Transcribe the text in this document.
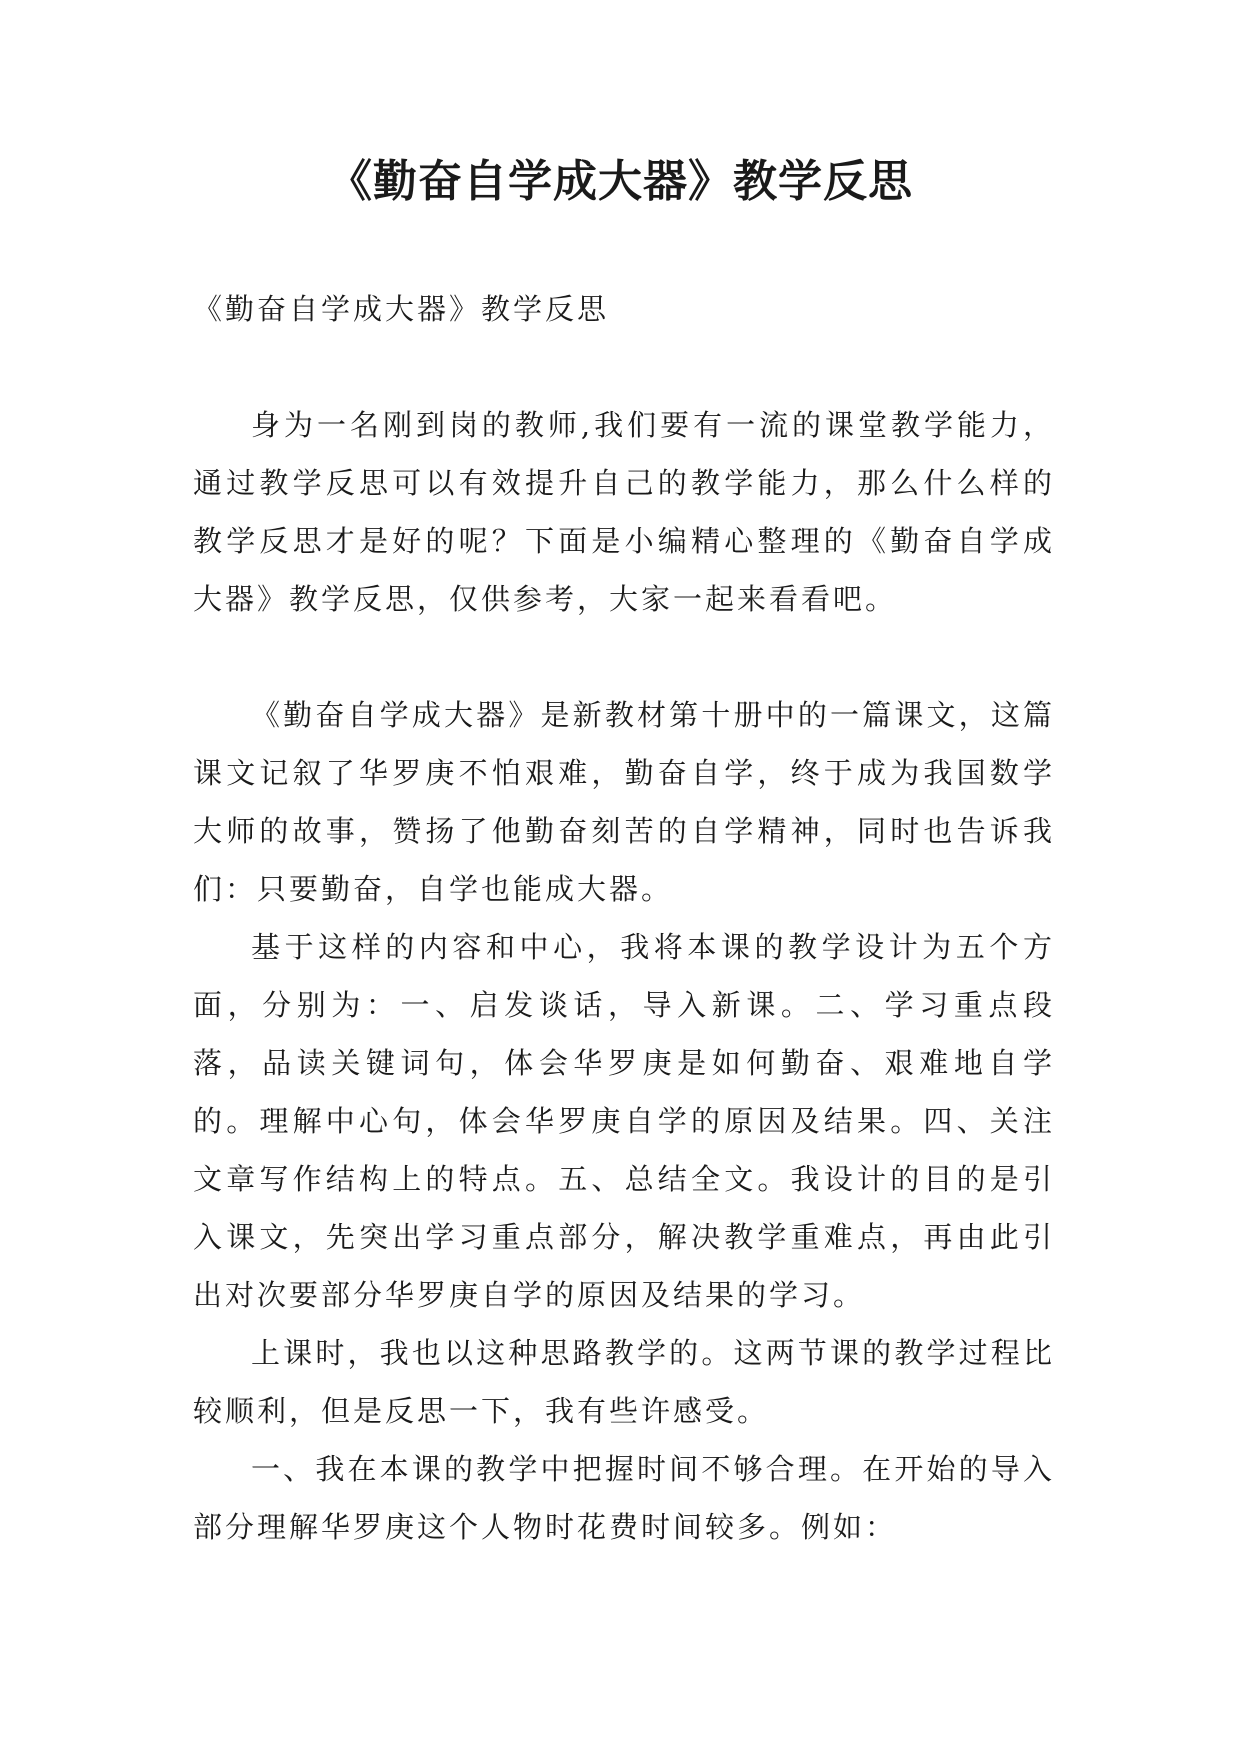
《勤奋自学成大器》教学反思

《勤奋自学成大器》教学反思

身为一名刚到岗的教师,我们要有一流的课堂教学能力，通过教学反思可以有效提升自己的教学能力，那么什么样的教学反思才是好的呢？下面是小编精心整理的《勤奋自学成大器》教学反思，仅供参考，大家一起来看看吧。

《勤奋自学成大器》是新教材第十册中的一篇课文，这篇课文记叙了华罗庚不怕艰难，勤奋自学，终于成为我国数学大师的故事，赞扬了他勤奋刻苦的自学精神，同时也告诉我们：只要勤奋，自学也能成大器。

基于这样的内容和中心，我将本课的教学设计为五个方面，分别为：一、启发谈话，导入新课。二、学习重点段落，品读关键词句，体会华罗庚是如何勤奋、艰难地自学的。理解中心句，体会华罗庚自学的原因及结果。四、关注文章写作结构上的特点。五、总结全文。我设计的目的是引入课文，先突出学习重点部分，解决教学重难点，再由此引出对次要部分华罗庚自学的原因及结果的学习。

上课时，我也以这种思路教学的。这两节课的教学过程比较顺利，但是反思一下，我有些许感受。

一、我在本课的教学中把握时间不够合理。在开始的导入部分理解华罗庚这个人物时花费时间较多。例如：
